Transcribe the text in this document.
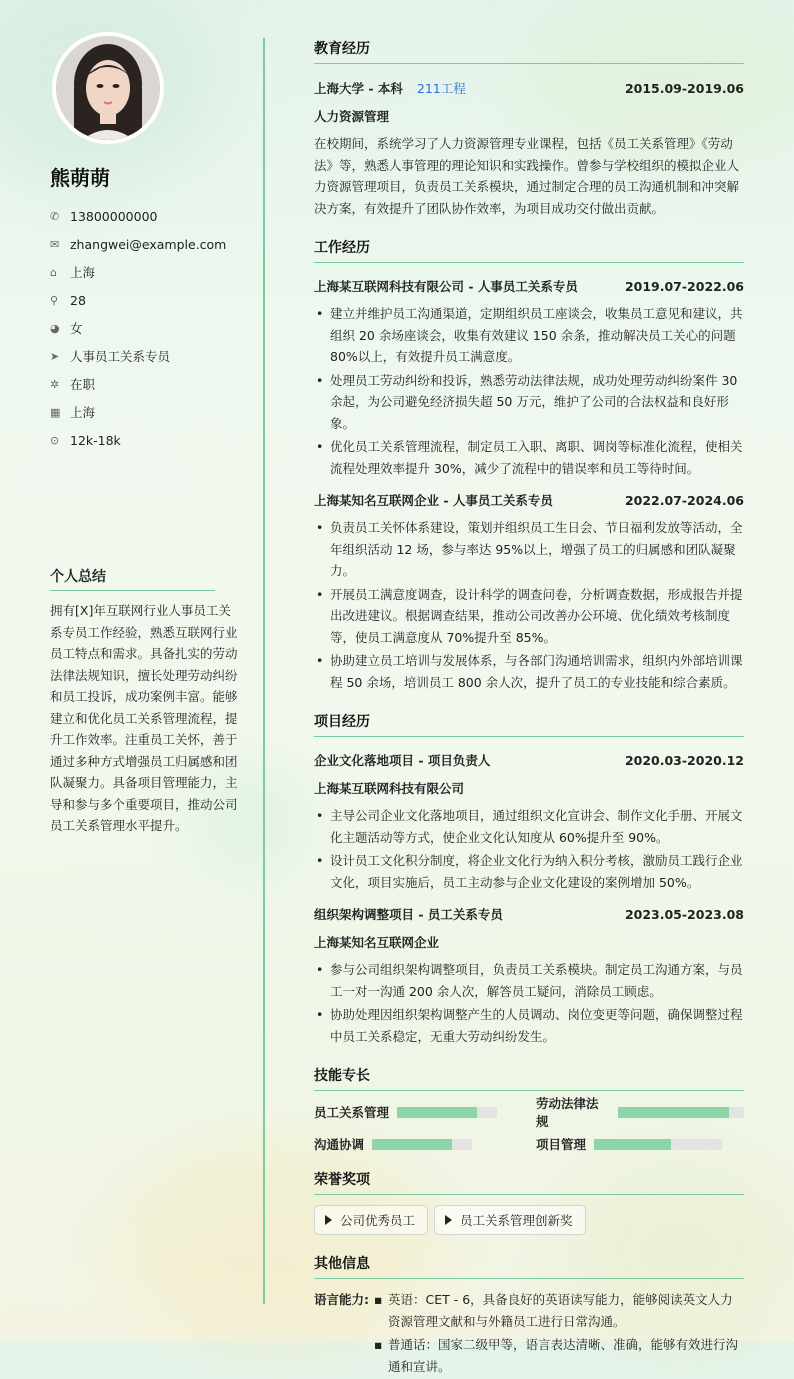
熊萌萌
✆ 13800000000
✉ zhangwei@example.com
⌂	上海
⚲ 28
◕ 女
➤ 人事员工关系专员
✲ 在职
▦ 上海
⊙ 12k-18k
个人总结
拥有[X]年互联网行业人事员工关系专员工作经验，熟悉互联网行业员工特点和需求。具备扎实的劳动法律法规知识，擅长处理劳动纠纷和员工投诉，成功案例丰富。能够建立和优化员工关系管理流程，提升工作效率。注重员工关怀，善于通过多种方式增强员工归属感和团队凝聚力。具备项目管理能力，主导和参与多个重要项目，推动公司员工关系管理水平提升。
教育经历
上海大学 - 本科 211工程	2015.09-2019.06
人力资源管理
在校期间，系统学习了人力资源管理专业课程，包括《员工关系管理》《劳动法》等，熟悉人事管理的理论知识和实践操作。曾参与学校组织的模拟企业人力资源管理项目，负责员工关系模块，通过制定合理的员工沟通机制和冲突解决方案，有效提升了团队协作效率，为项目成功交付做出贡献。
工作经历
上海某互联网科技有限公司 - 人事员工关系专员	2019.07-2022.06
• 建立并维护员工沟通渠道，定期组织员工座谈会，收集员工意见和建议，共组织 20 余场座谈会，收集有效建议 150 余条，推动解决员工关心的问题 80%以上，有效提升员工满意度。
• 处理员工劳动纠纷和投诉，熟悉劳动法律法规，成功处理劳动纠纷案件 30 余起，为公司避免经济损失超 50 万元，维护了公司的合法权益和良好形象。
• 优化员工关系管理流程，制定员工入职、离职、调岗等标准化流程，使相关流程处理效率提升 30%，减少了流程中的错误率和员工等待时间。
上海某知名互联网企业 - 人事员工关系专员	2022.07-2024.06
• 负责员工关怀体系建设，策划并组织员工生日会、节日福利发放等活动，全年组织活动 12 场，参与率达 95%以上，增强了员工的归属感和团队凝聚力。
• 开展员工满意度调查，设计科学的调查问卷，分析调查数据，形成报告并提出改进建议。根据调查结果，推动公司改善办公环境、优化绩效考核制度等，使员工满意度从 70%提升至 85%。
• 协助建立员工培训与发展体系，与各部门沟通培训需求，组织内外部培训课程 50 余场，培训员工 800 余人次，提升了员工的专业技能和综合素质。
项目经历
企业文化落地项目 - 项目负责人	2020.03-2020.12
上海某互联网科技有限公司
• 主导公司企业文化落地项目，通过组织文化宣讲会、制作文化手册、开展文化主题活动等方式，使企业文化认知度从 60%提升至 90%。
• 设计员工文化积分制度，将企业文化行为纳入积分考核，激励员工践行企业文化，项目实施后，员工主动参与企业文化建设的案例增加 50%。
组织架构调整项目 - 员工关系专员	2023.05-2023.08
上海某知名互联网企业
• 参与公司组织架构调整项目，负责员工关系模块。制定员工沟通方案，与员工一对一沟通 200 余人次，解答员工疑问，消除员工顾虑。
• 协助处理因组织架构调整产生的人员调动、岗位变更等问题，确保调整过程中员工关系稳定，无重大劳动纠纷发生。
技能专长
员工关系管理
劳动法律法规
沟通协调	项目管理
荣誉奖项
公司优秀员工	员工关系管理创新奖
其他信息
语言能力:
▪	英语：CET - 6，具备良好的英语读写能力，能够阅读英文人力资源管理文献和与外籍员工进行日常沟通。
▪ 普通话：国家二级甲等，语言表达清晰、准确，能够有效进行沟通和宣讲。
